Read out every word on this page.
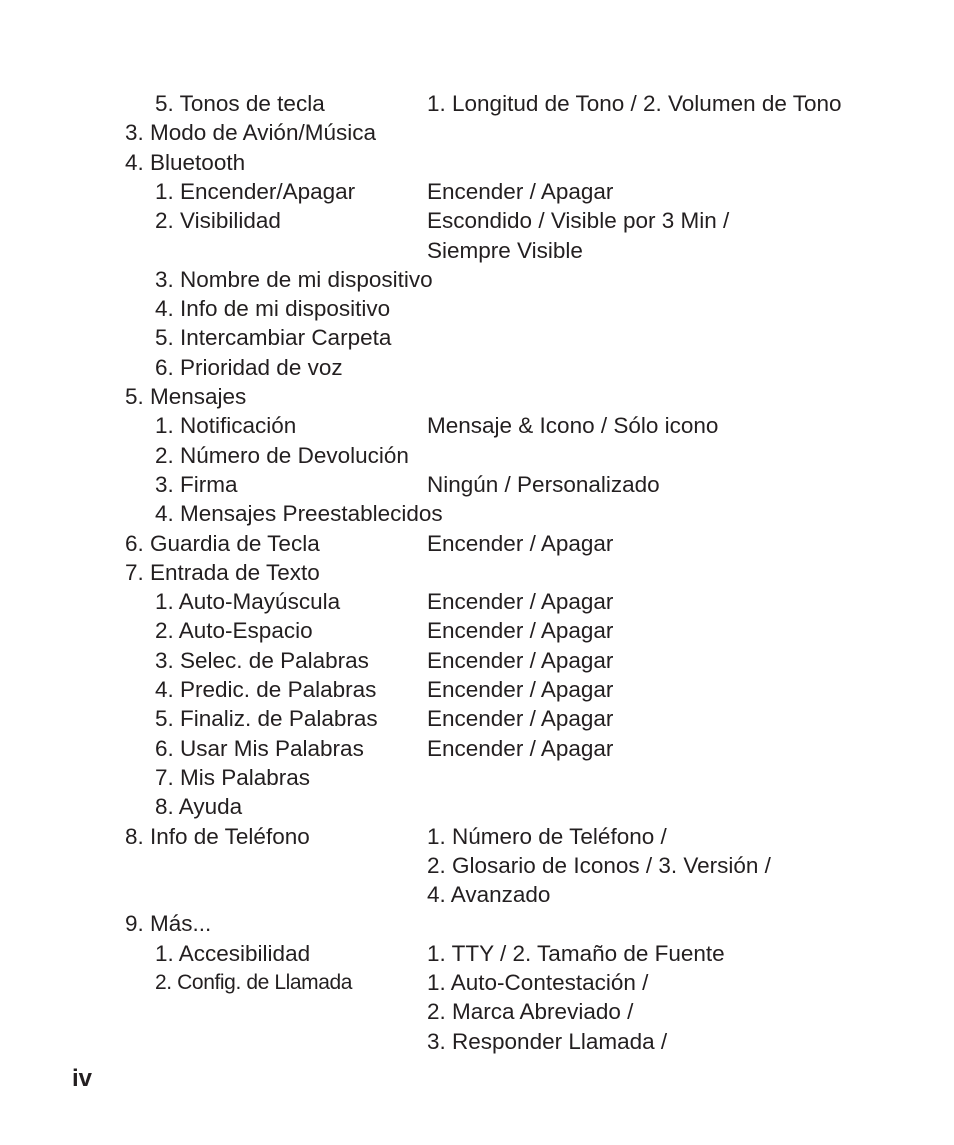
5. Tonos de tecla	1. Longitud de Tono / 2. Volumen de Tono
3. Modo de Avión/Música
4. Bluetooth
1. Encender/Apagar	Encender / Apagar
2. Visibilidad	Escondido / Visible por 3 Min /
Siempre Visible
3. Nombre de mi dispositivo
4. Info de mi dispositivo
5. Intercambiar Carpeta
6. Prioridad de voz
5. Mensajes
1. Notificación	Mensaje & Icono / Sólo icono
2. Número de Devolución
3. Firma	Ningún / Personalizado
4. Mensajes Preestablecidos
6. Guardia de Tecla	Encender / Apagar
7. Entrada de Texto
1. Auto-Mayúscula	Encender / Apagar
2. Auto-Espacio	Encender / Apagar
3. Selec. de Palabras	Encender / Apagar
4. Predic. de Palabras Encender / Apagar
5. Finaliz. de Palabras Encender / Apagar
6. Usar Mis Palabras	Encender / Apagar
7. Mis Palabras
8. Ayuda
8. Info de Teléfono	1. Número de Teléfono /
2. Glosario de Iconos / 3. Versión /
4. Avanzado
9. Más...
1. Accesibilidad	1. TTY / 2. Tamaño de Fuente
2. Config. de Llamada	1. Auto-Contestación /
2. Marca Abreviado /
3. Responder Llamada /
iv
